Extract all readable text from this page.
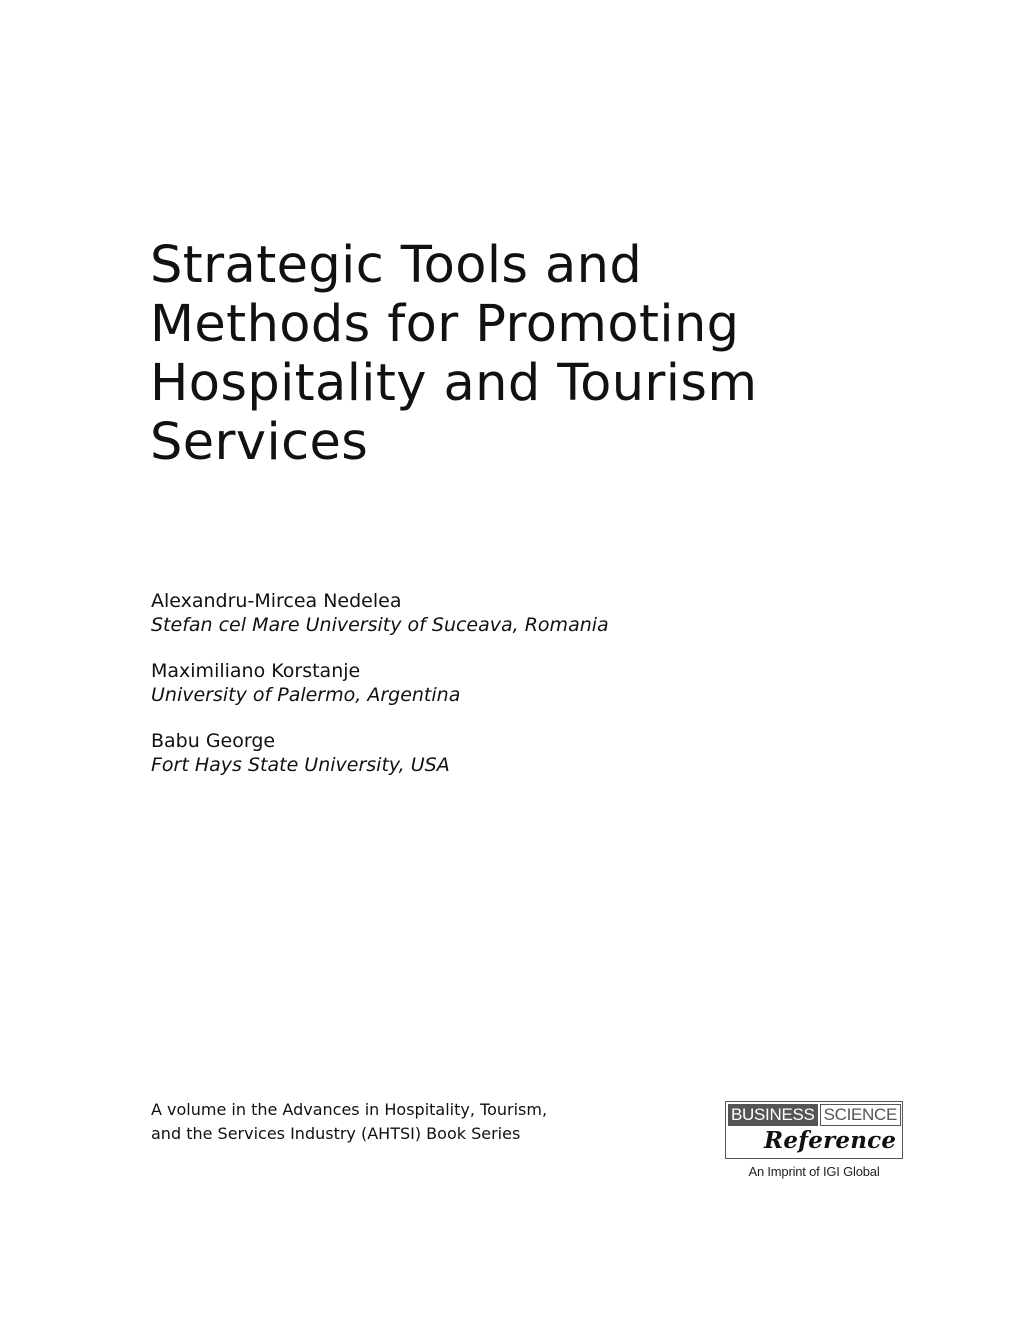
Strategic Tools and
Methods for Promoting
Hospitality and Tourism
Services
Alexandru-Mircea Nedelea
Stefan cel Mare University of Suceava, Romania
Maximiliano Korstanje
University of Palermo, Argentina
Babu George
Fort Hays State University, USA
A volume in the Advances in Hospitality, Tourism,
and the Services Industry (AHTSI) Book Series
BUSINESS SCIENCE
Reference
An Imprint of IGI Global
